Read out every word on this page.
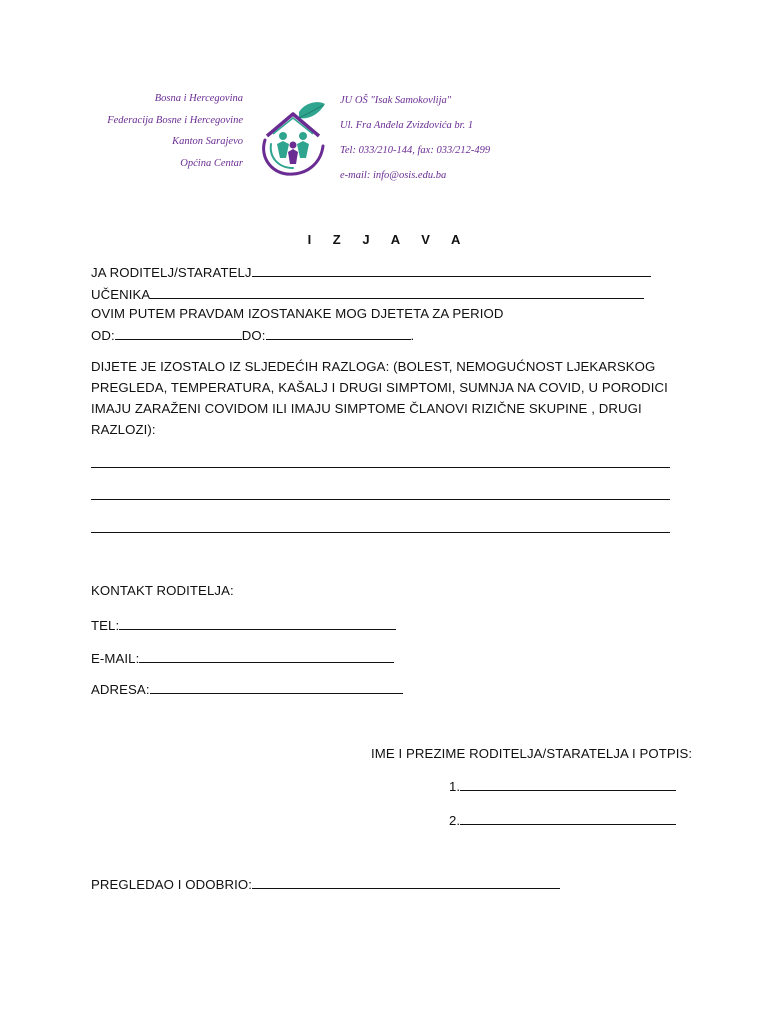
Bosna i Hercegovina
Federacija Bosne i Hercegovine
Kanton Sarajevo
Općina Centar
JU OŠ "Isak Samokovlija"
Ul. Fra Anđela Zvizdovića br. 1
Tel: 033/210-144, fax: 033/212-499
e-mail: info@osis.edu.ba
I Z J A V A
JA RODITELJ/STARATELJ
UČENIKA
OVIM PUTEM PRAVDAM IZOSTANAKE MOG DJETETA ZA PERIOD
OD:	DO:	.
DIJETE JE IZOSTALO IZ SLJEDEĆIH RAZLOGA: (BOLEST, NEMOGUĆNOST LJEKARSKOG PREGLEDA, TEMPERATURA, KAŠALJ I DRUGI SIMPTOMI, SUMNJA NA COVID, U PORODICI IMAJU ZARAŽENI COVIDOM ILI IMAJU SIMPTOME ČLANOVI RIZIČNE SKUPINE , DRUGI RAZLOZI):
KONTAKT RODITELJA:
TEL:
E-MAIL:
ADRESA:
IME I PREZIME RODITELJA/STARATELJA I POTPIS:
1.
2.
PREGLEDAO I ODOBRIO:
